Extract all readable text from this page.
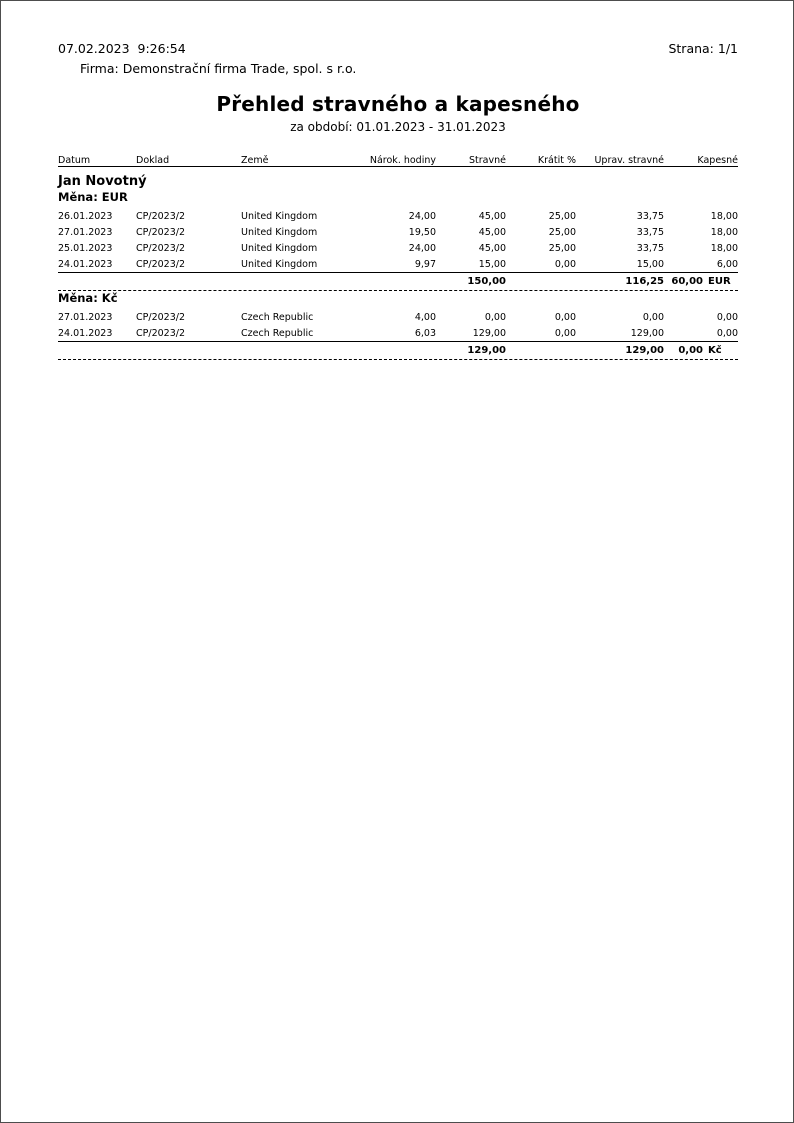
07.02.2023  9:26:54	Strana: 1/1
Firma: Demonstrační firma Trade, spol. s r.o.
Přehled stravného a kapesného
za období: 01.01.2023 - 31.01.2023
Datum	Doklad	Země	Nárok. hodiny	Stravné	Krátit %	Uprav. stravné	Kapesné
Jan Novotný							
Měna: EUR							
26.01.2023	CP/2023/2	United Kingdom	24,00	45,00	25,00	33,75	18,00
27.01.2023	CP/2023/2	United Kingdom	19,50	45,00	25,00	33,75	18,00
25.01.2023	CP/2023/2	United Kingdom	24,00	45,00	25,00	33,75	18,00
24.01.2023	CP/2023/2	United Kingdom	9,97	15,00	0,00	15,00	6,00
				150,00		116,25	60,00 EUR

Měna: Kč							
27.01.2023	CP/2023/2	Czech Republic	4,00	0,00	0,00	0,00	0,00
24.01.2023	CP/2023/2	Czech Republic	6,03	129,00	0,00	129,00	0,00
				129,00		129,00	0,00 Kč
